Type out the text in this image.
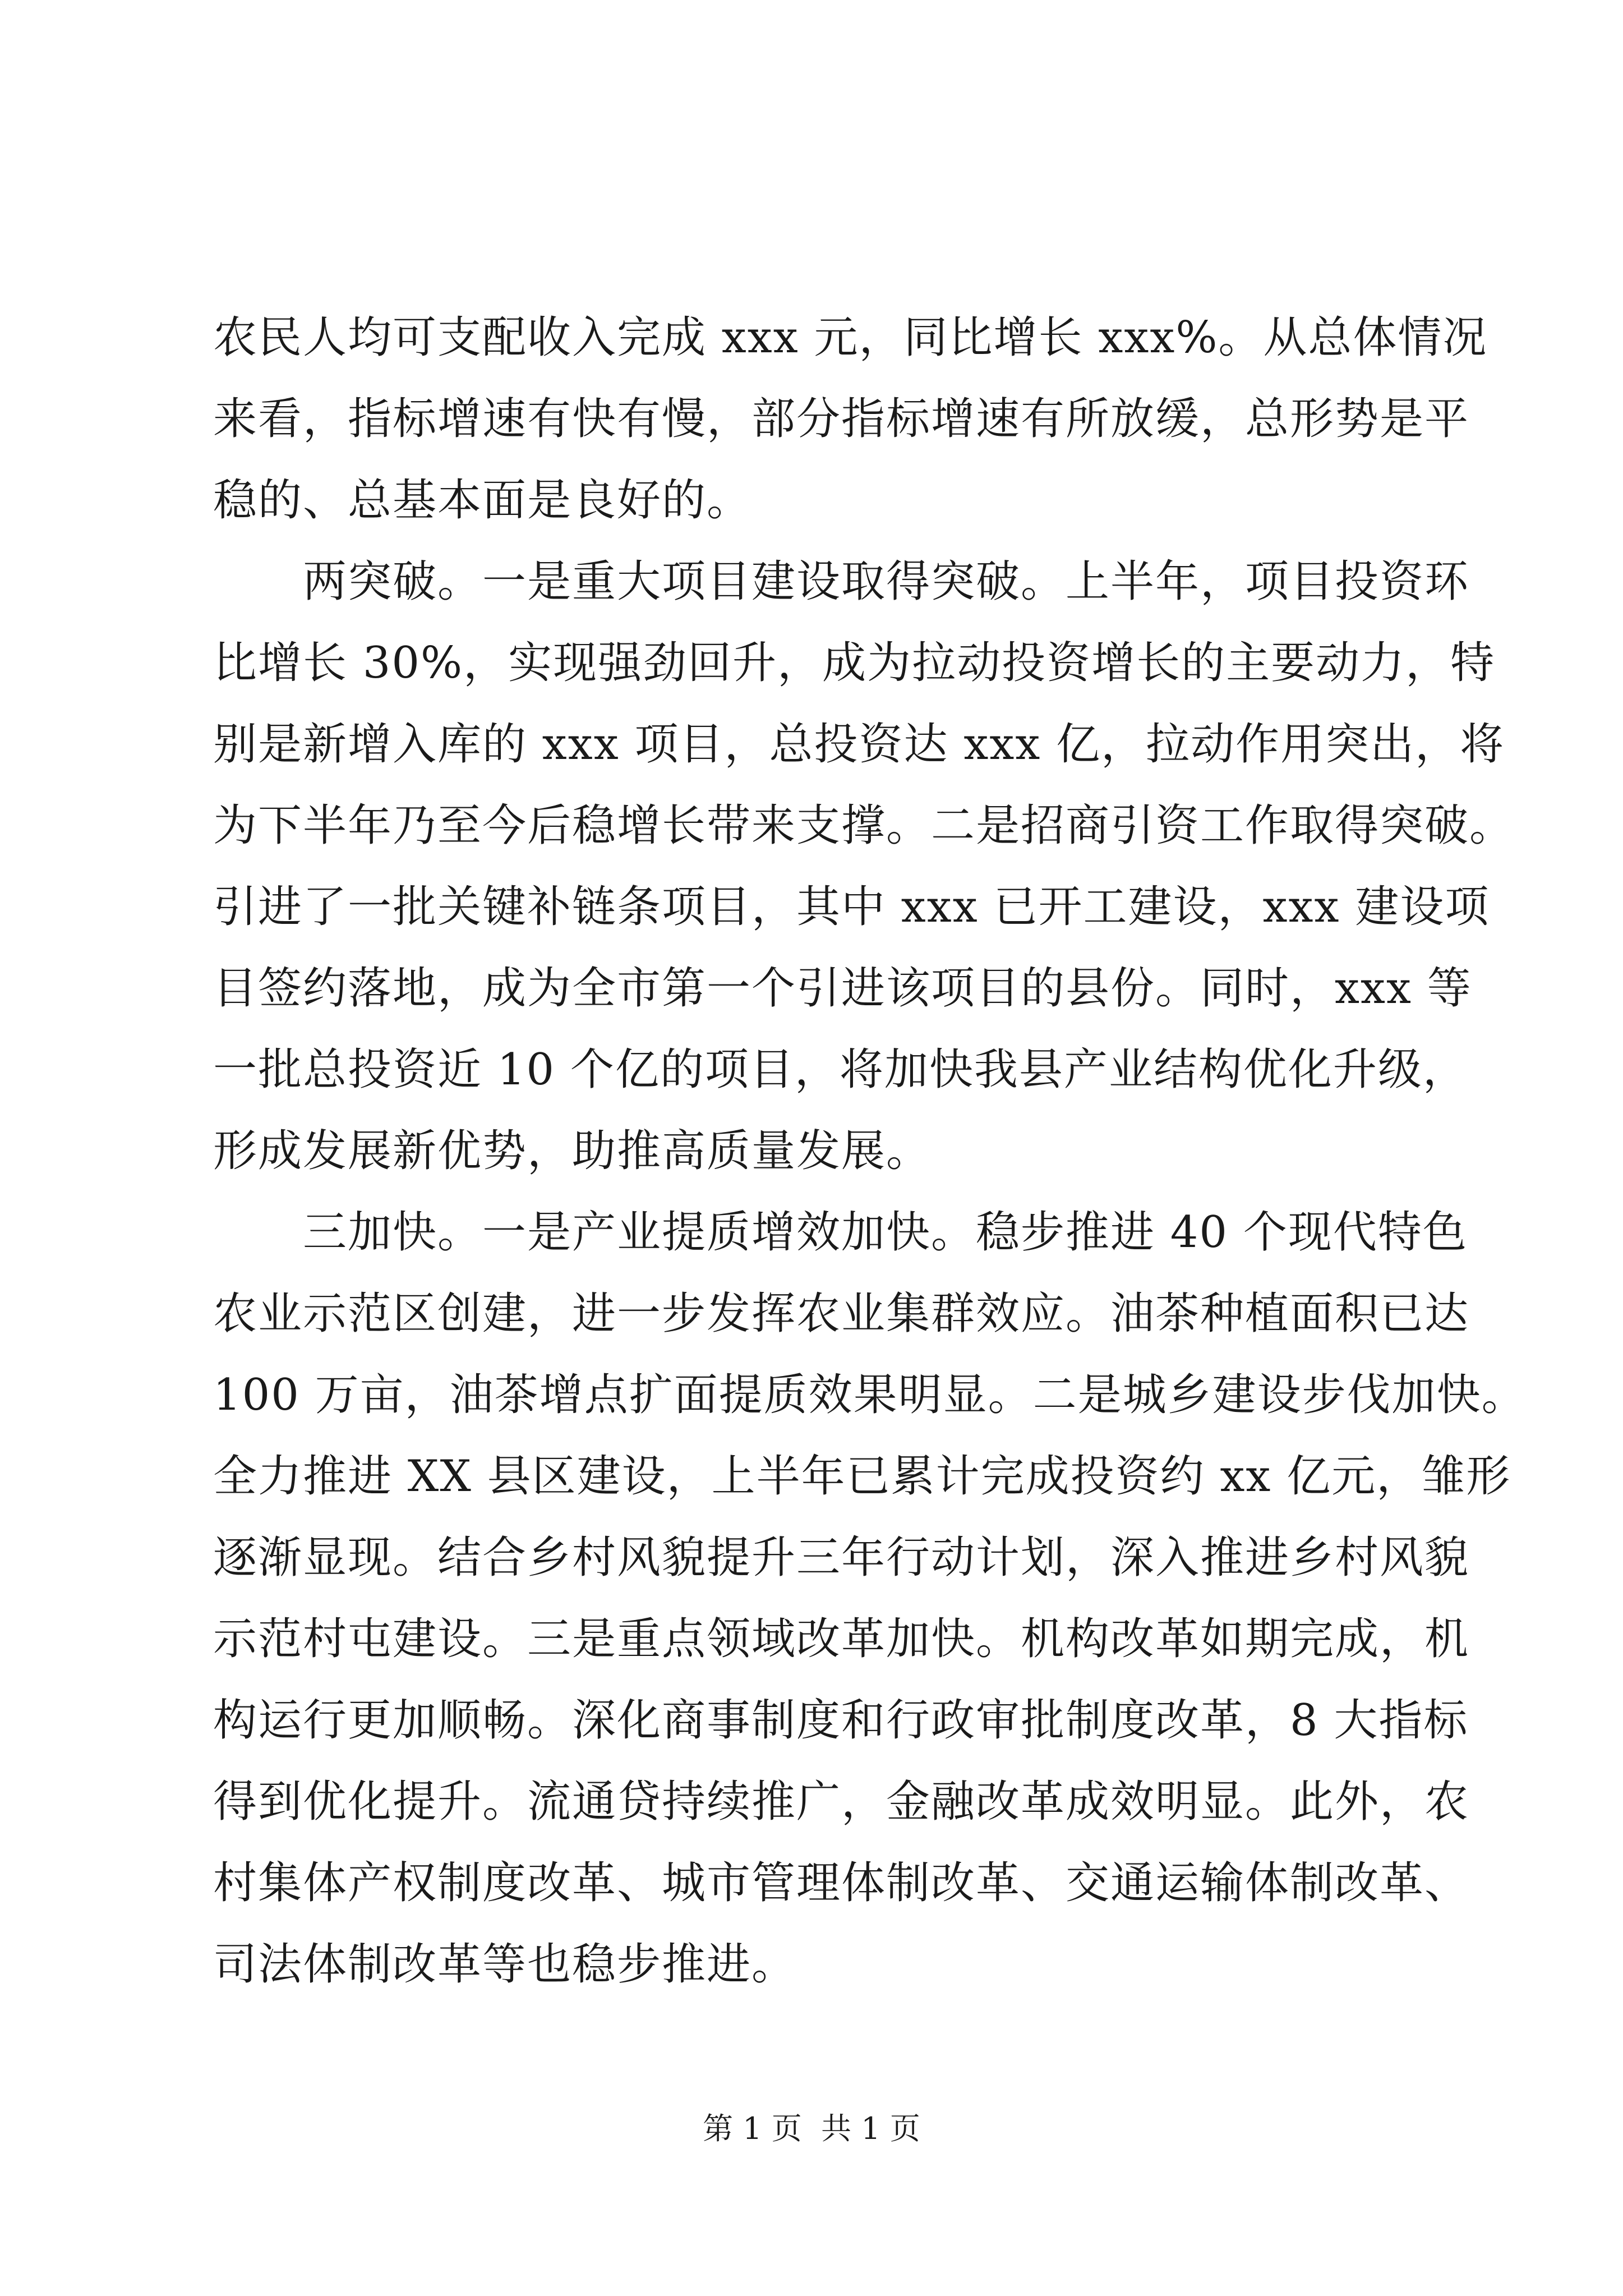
农民人均可支配收入完成 xxx 元，同比增长 xxx%。从总体情况
来看，指标增速有快有慢，部分指标增速有所放缓，总形势是平
稳的、总基本面是良好的。
两突破。一是重大项目建设取得突破。上半年，项目投资环
比增长 30%，实现强劲回升，成为拉动投资增长的主要动力，特
别是新增入库的 xxx 项目，总投资达 xxx 亿，拉动作用突出，将
为下半年乃至今后稳增长带来支撑。二是招商引资工作取得突破。
引进了一批关键补链条项目，其中 xxx 已开工建设，xxx 建设项
目签约落地，成为全市第一个引进该项目的县份。同时，xxx 等
一批总投资近 10 个亿的项目，将加快我县产业结构优化升级，
形成发展新优势，助推高质量发展。
三加快。一是产业提质增效加快。稳步推进 40 个现代特色
农业示范区创建，进一步发挥农业集群效应。油茶种植面积已达
100 万亩，油茶增点扩面提质效果明显。二是城乡建设步伐加快。
全力推进 XX 县区建设，上半年已累计完成投资约 xx 亿元，雏形
逐渐显现。结合乡村风貌提升三年行动计划，深入推进乡村风貌
示范村屯建设。三是重点领域改革加快。机构改革如期完成，机
构运行更加顺畅。深化商事制度和行政审批制度改革，8 大指标
得到优化提升。流通贷持续推广，金融改革成效明显。此外，农
村集体产权制度改革、城市管理体制改革、交通运输体制改革、
司法体制改革等也稳步推进。
第 1 页  共 1 页
